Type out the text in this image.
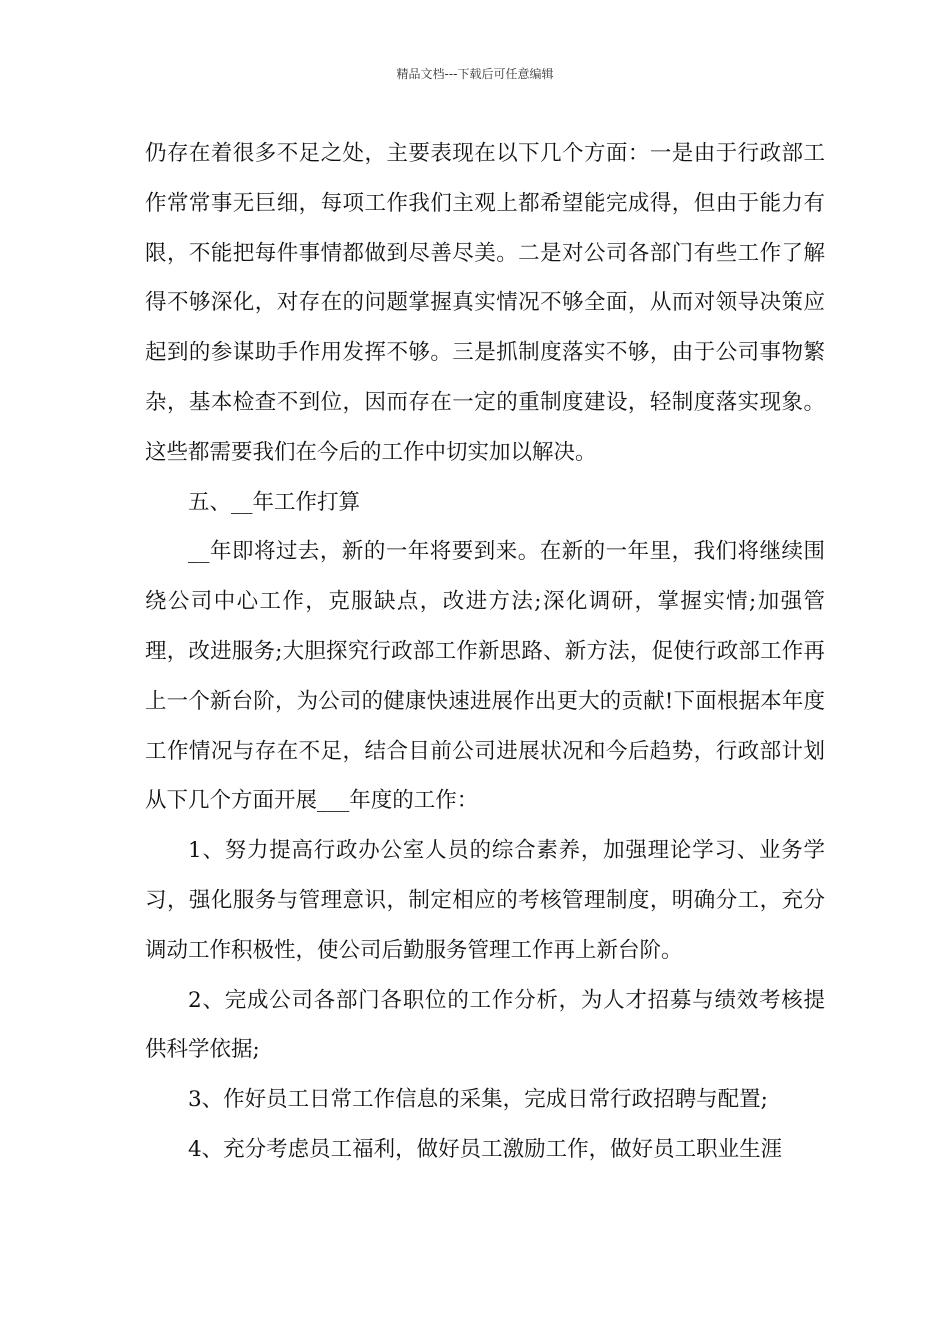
精品文档---下载后可任意编辑

仍存在着很多不足之处，主要表现在以下几个方面：一是由于行政部工作常常事无巨细，每项工作我们主观上都希望能完成得，但由于能力有限，不能把每件事情都做到尽善尽美。二是对公司各部门有些工作了解得不够深化，对存在的问题掌握真实情况不够全面，从而对领导决策应起到的参谋助手作用发挥不够。三是抓制度落实不够，由于公司事物繁杂，基本检查不到位，因而存在一定的重制度建设，轻制度落实现象。这些都需要我们在今后的工作中切实加以解决。

五、__年工作打算

__年即将过去，新的一年将要到来。在新的一年里，我们将继续围绕公司中心工作，克服缺点，改进方法;深化调研，掌握实情;加强管理，改进服务;大胆探究行政部工作新思路、新方法，促使行政部工作再上一个新台阶，为公司的健康快速进展作出更大的贡献!下面根据本年度工作情况与存在不足，结合目前公司进展状况和今后趋势，行政部计划从下几个方面开展___年度的工作：

1、努力提高行政办公室人员的综合素养，加强理论学习、业务学习，强化服务与管理意识，制定相应的考核管理制度，明确分工，充分调动工作积极性，使公司后勤服务管理工作再上新台阶。

2、完成公司各部门各职位的工作分析，为人才招募与绩效考核提供科学依据;

3、作好员工日常工作信息的采集，完成日常行政招聘与配置;

4、充分考虑员工福利，做好员工激励工作，做好员工职业生涯
